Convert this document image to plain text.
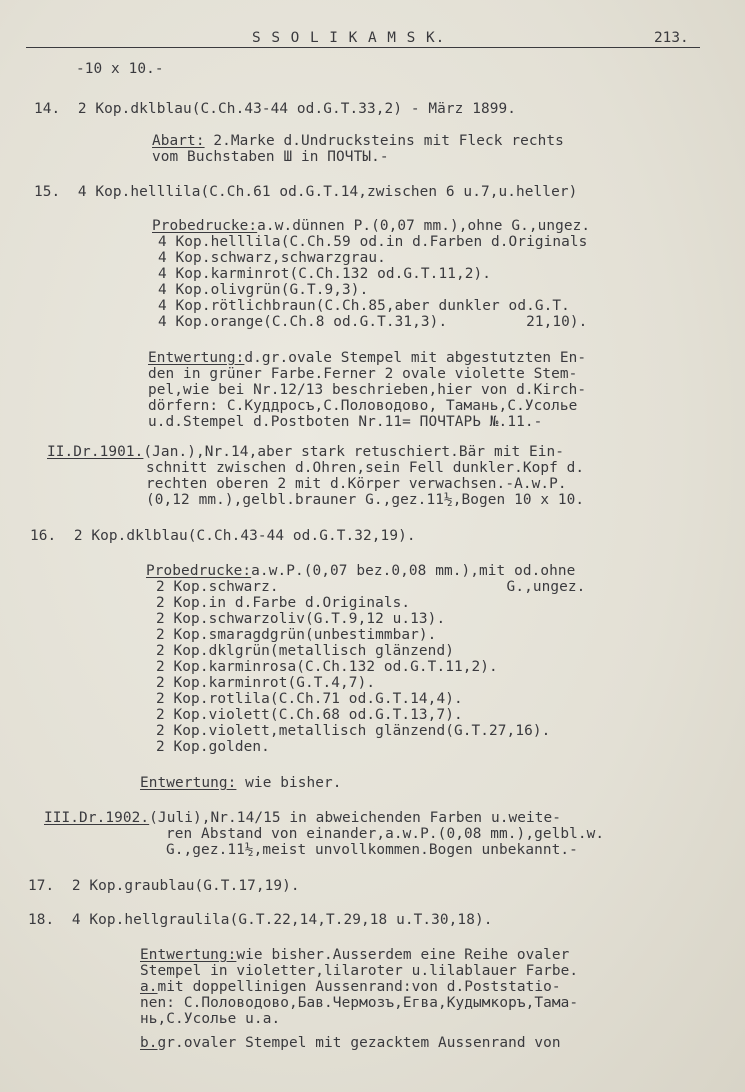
S S O L I K A M S K.	213.
-10 x 10.-
14.  2 Kop.dklblau(C.Ch.43-44 od.G.T.33,2) - März 1899.
Abart: 2.Marke d.Undrucksteins mit Fleck rechts
vom Buchstaben Ш in ПОЧТЫ.-
15.  4 Kop.helllila(C.Ch.61 od.G.T.14,zwischen 6 u.7,u.heller)
Probedrucke:a.w.dünnen P.(0,07 mm.),ohne G.,ungez.
4 Kop.helllila(C.Ch.59 od.in d.Farben d.Originals
4 Kop.schwarz,schwarzgrau.
4 Kop.karminrot(C.Ch.132 od.G.T.11,2).
4 Kop.olivgrün(G.T.9,3).
4 Kop.rötlichbraun(C.Ch.85,aber dunkler od.G.T.
4 Kop.orange(C.Ch.8 od.G.T.31,3).         21,10).
Entwertung:d.gr.ovale Stempel mit abgestutzten En-
den in grüner Farbe.Ferner 2 ovale violette Stem-
pel,wie bei Nr.12/13 beschrieben,hier von d.Kirch-
dörfern: С.Куддросъ,С.Половодово, Тамань,С.Усолье
u.d.Stempel d.Postboten Nr.11= ПОЧТАРЬ №.11.-
II.Dr.1901.(Jan.),Nr.14,aber stark retuschiert.Bär mit Ein-
schnitt zwischen d.Ohren,sein Fell dunkler.Kopf d.
rechten oberen 2 mit d.Körper verwachsen.-A.w.P.
(0,12 mm.),gelbl.brauner G.,gez.11½,Bogen 10 x 10.
16.  2 Kop.dklblau(C.Ch.43-44 od.G.T.32,19).
Probedrucke:a.w.P.(0,07 bez.0,08 mm.),mit od.ohne
2 Kop.schwarz.                          G.,ungez.
2 Kop.in d.Farbe d.Originals.
2 Kop.schwarzoliv(G.T.9,12 u.13).
2 Kop.smaragdgrün(unbestimmbar).
2 Kop.dklgrün(metallisch glänzend)
2 Kop.karminrosa(C.Ch.132 od.G.T.11,2).
2 Kop.karminrot(G.T.4,7).
2 Kop.rotlila(C.Ch.71 od.G.T.14,4).
2 Kop.violett(C.Ch.68 od.G.T.13,7).
2 Kop.violett,metallisch glänzend(G.T.27,16).
2 Kop.golden.
Entwertung: wie bisher.
III.Dr.1902.(Juli),Nr.14/15 in abweichenden Farben u.weite-
ren Abstand von einander,a.w.P.(0,08 mm.),gelbl.w.
G.,gez.11½,meist unvollkommen.Bogen unbekannt.-
17.  2 Kop.graublau(G.T.17,19).
18.  4 Kop.hellgraulila(G.T.22,14,T.29,18 u.T.30,18).
Entwertung:wie bisher.Ausserdem eine Reihe ovaler
Stempel in violetter,lilaroter u.lilablauer Farbe.
a.mit doppellinigen Aussenrand:von d.Poststatio-
nen: С.Половодово,Бав.Чермозъ,Егва,Кудымкоръ,Тама-
нь,С.Усолье u.a.
b.gr.ovaler Stempel mit gezacktem Aussenrand von
